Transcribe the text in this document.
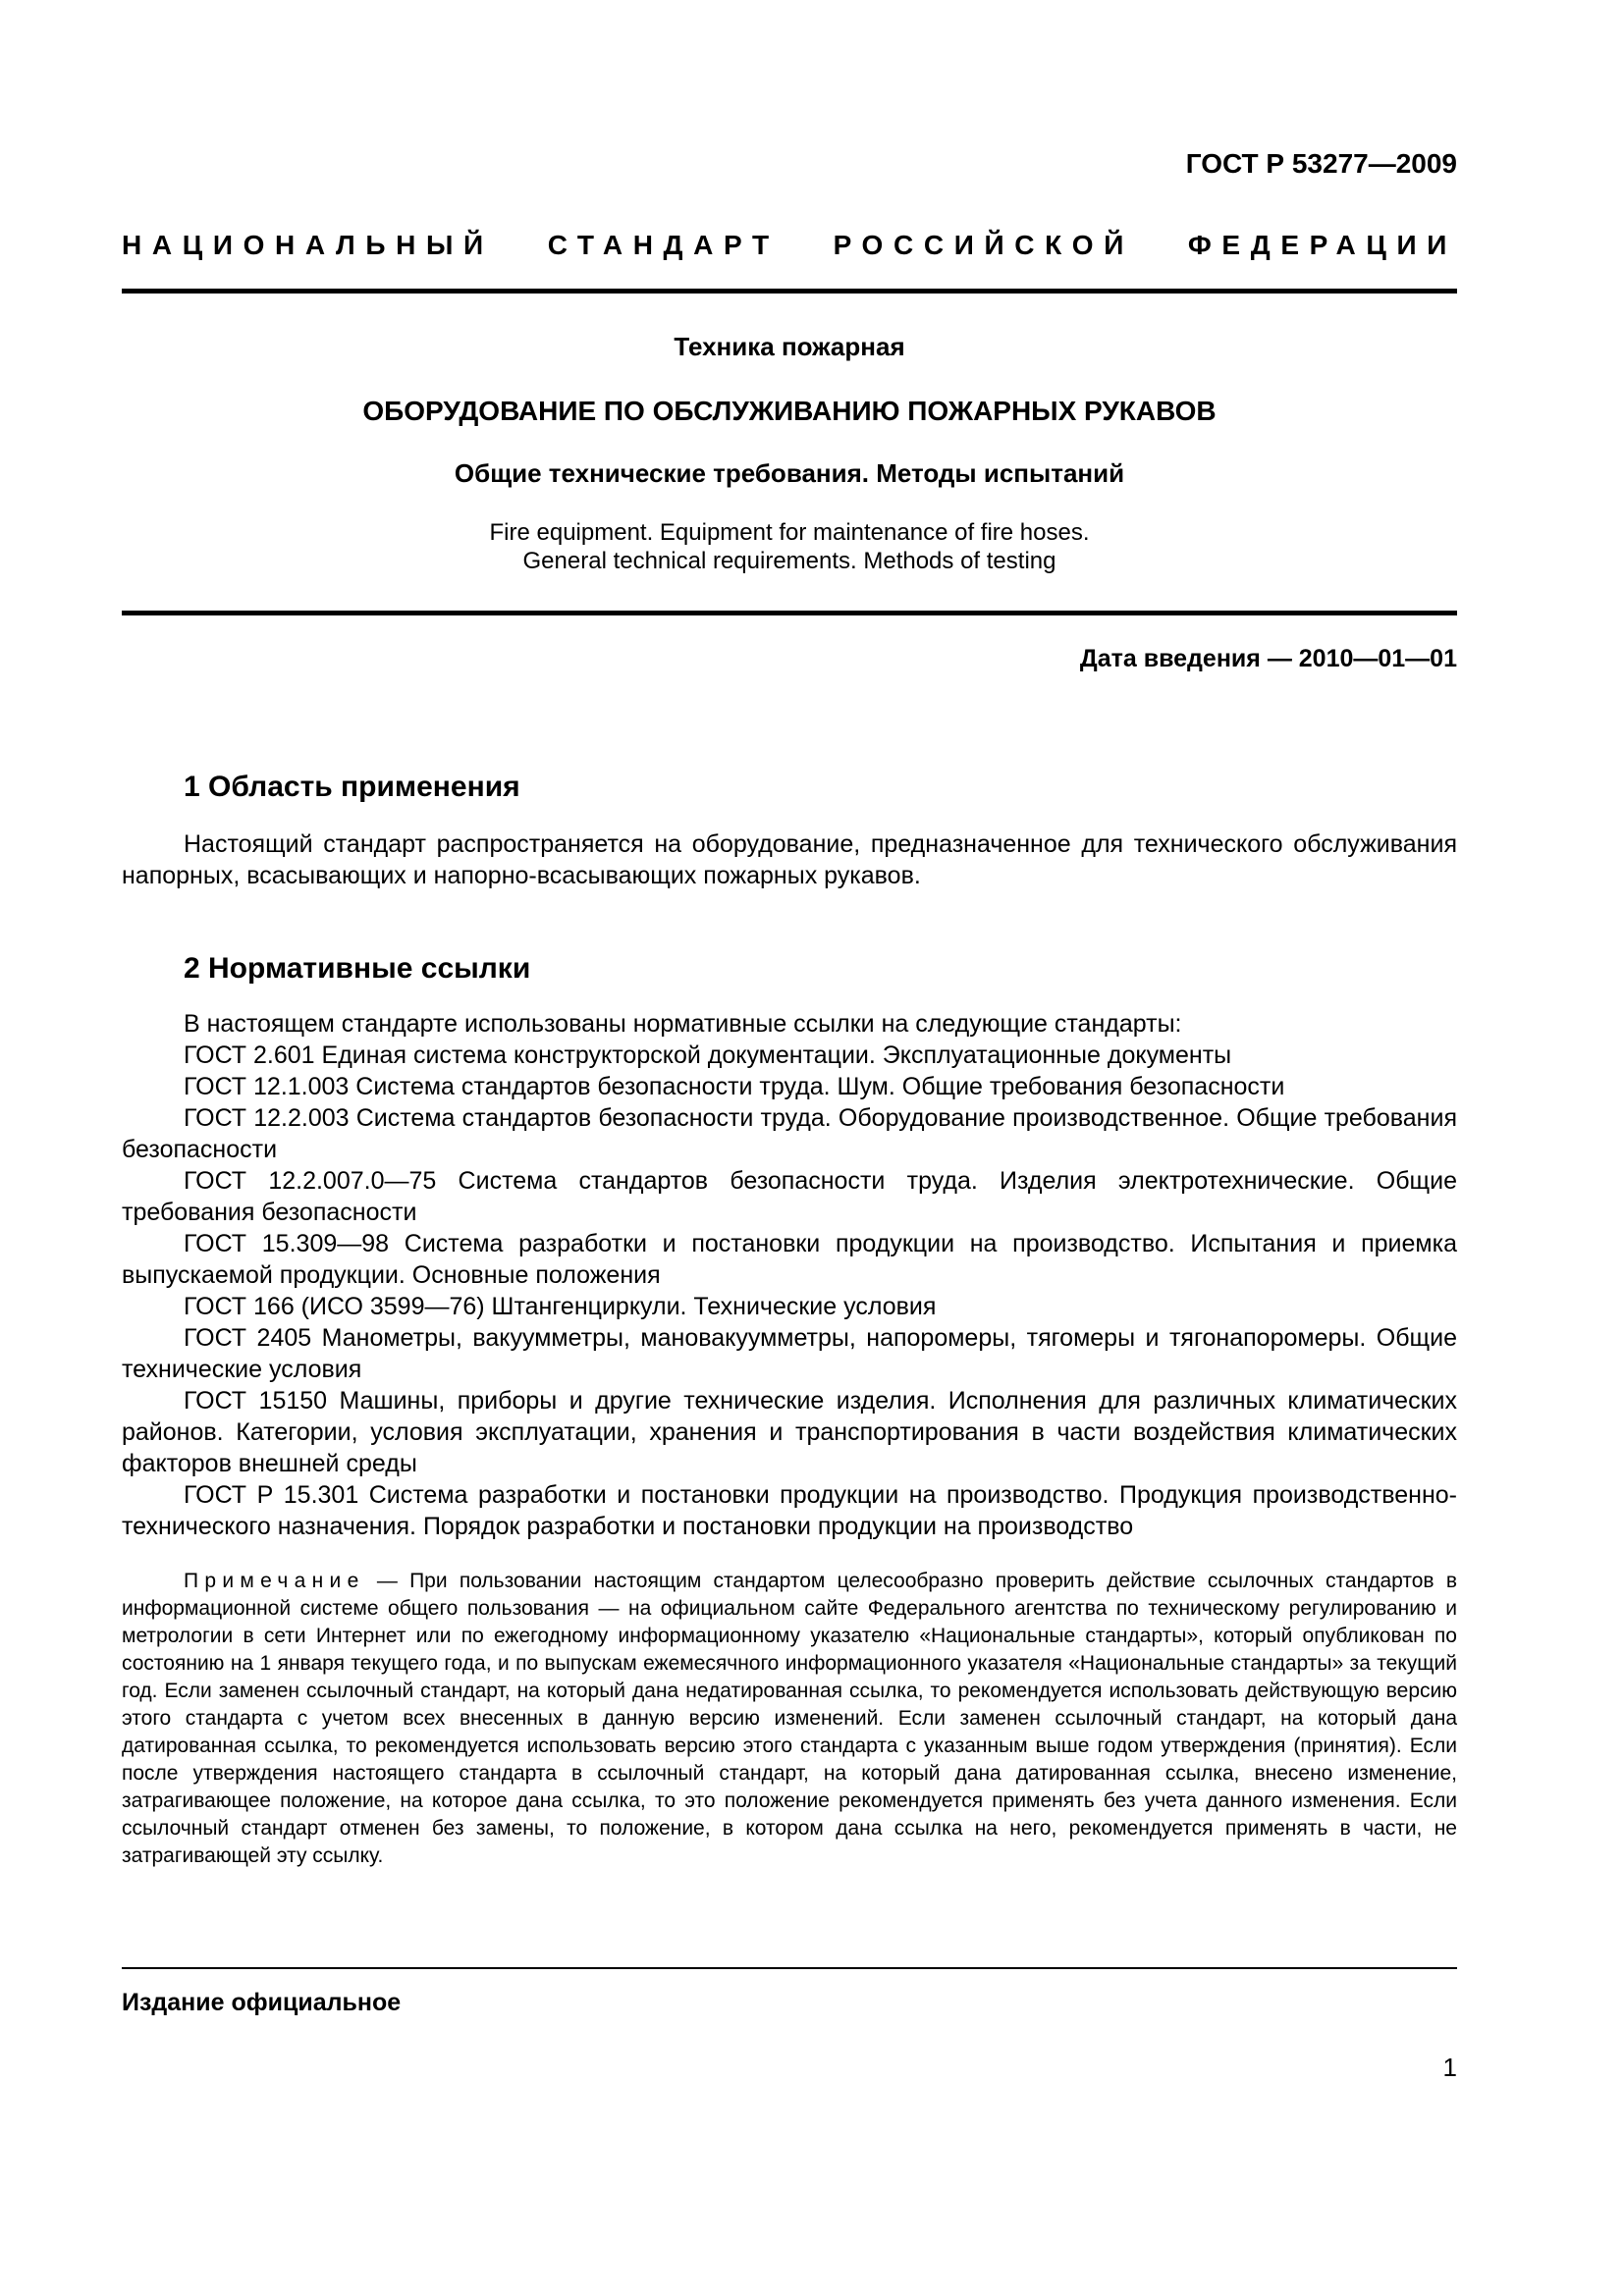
ГОСТ Р 53277—2009
НАЦИОНАЛЬНЫЙ СТАНДАРТ РОССИЙСКОЙ ФЕДЕРАЦИИ
Техника пожарная
ОБОРУДОВАНИЕ ПО ОБСЛУЖИВАНИЮ ПОЖАРНЫХ РУКАВОВ
Общие технические требования. Методы испытаний
Fire equipment. Equipment for maintenance of fire hoses.
General technical requirements. Methods of testing
Дата введения — 2010—01—01
1 Область применения

Настоящий стандарт распространяется на оборудование, предназначенное для технического обслуживания напорных, всасывающих и напорно-всасывающих пожарных рукавов.

2 Нормативные ссылки

В настоящем стандарте использованы нормативные ссылки на следующие стандарты:

ГОСТ 2.601 Единая система конструкторской документации. Эксплуатационные документы

ГОСТ 12.1.003 Система стандартов безопасности труда. Шум. Общие требования безопасности

ГОСТ 12.2.003 Система стандартов безопасности труда. Оборудование производственное. Общие требования безопасности

ГОСТ 12.2.007.0—75 Система стандартов безопасности труда. Изделия электротехнические. Общие требования безопасности

ГОСТ 15.309—98 Система разработки и постановки продукции на производство. Испытания и приемка выпускаемой продукции. Основные положения

ГОСТ 166 (ИСО 3599—76) Штангенциркули. Технические условия

ГОСТ 2405 Манометры, вакуумметры, мановакуумметры, напоромеры, тягомеры и тягонапоромеры. Общие технические условия

ГОСТ 15150 Машины, приборы и другие технические изделия. Исполнения для различных климатических районов. Категории, условия эксплуатации, хранения и транспортирования в части воздействия климатических факторов внешней среды

ГОСТ Р 15.301 Система разработки и постановки продукции на производство. Продукция производственно-технического назначения. Порядок разработки и постановки продукции на производство

Примечание — При пользовании настоящим стандартом целесообразно проверить действие ссылочных стандартов в информационной системе общего пользования — на официальном сайте Федерального агентства по техническому регулированию и метрологии в сети Интернет или по ежегодному информационному указателю «Национальные стандарты», который опубликован по состоянию на 1 января текущего года, и по выпускам ежемесячного информационного указателя «Национальные стандарты» за текущий год. Если заменен ссылочный стандарт, на который дана недатированная ссылка, то рекомендуется использовать действующую версию этого стандарта с учетом всех внесенных в данную версию изменений. Если заменен ссылочный стандарт, на который дана датированная ссылка, то рекомендуется использовать версию этого стандарта с указанным выше годом утверждения (принятия). Если после утверждения настоящего стандарта в ссылочный стандарт, на который дана датированная ссылка, внесено изменение, затрагивающее положение, на которое дана ссылка, то это положение рекомендуется применять без учета данного изменения. Если ссылочный стандарт отменен без замены, то положение, в котором дана ссылка на него, рекомендуется применять в части, не затрагивающей эту ссылку.

Издание официальное
1
